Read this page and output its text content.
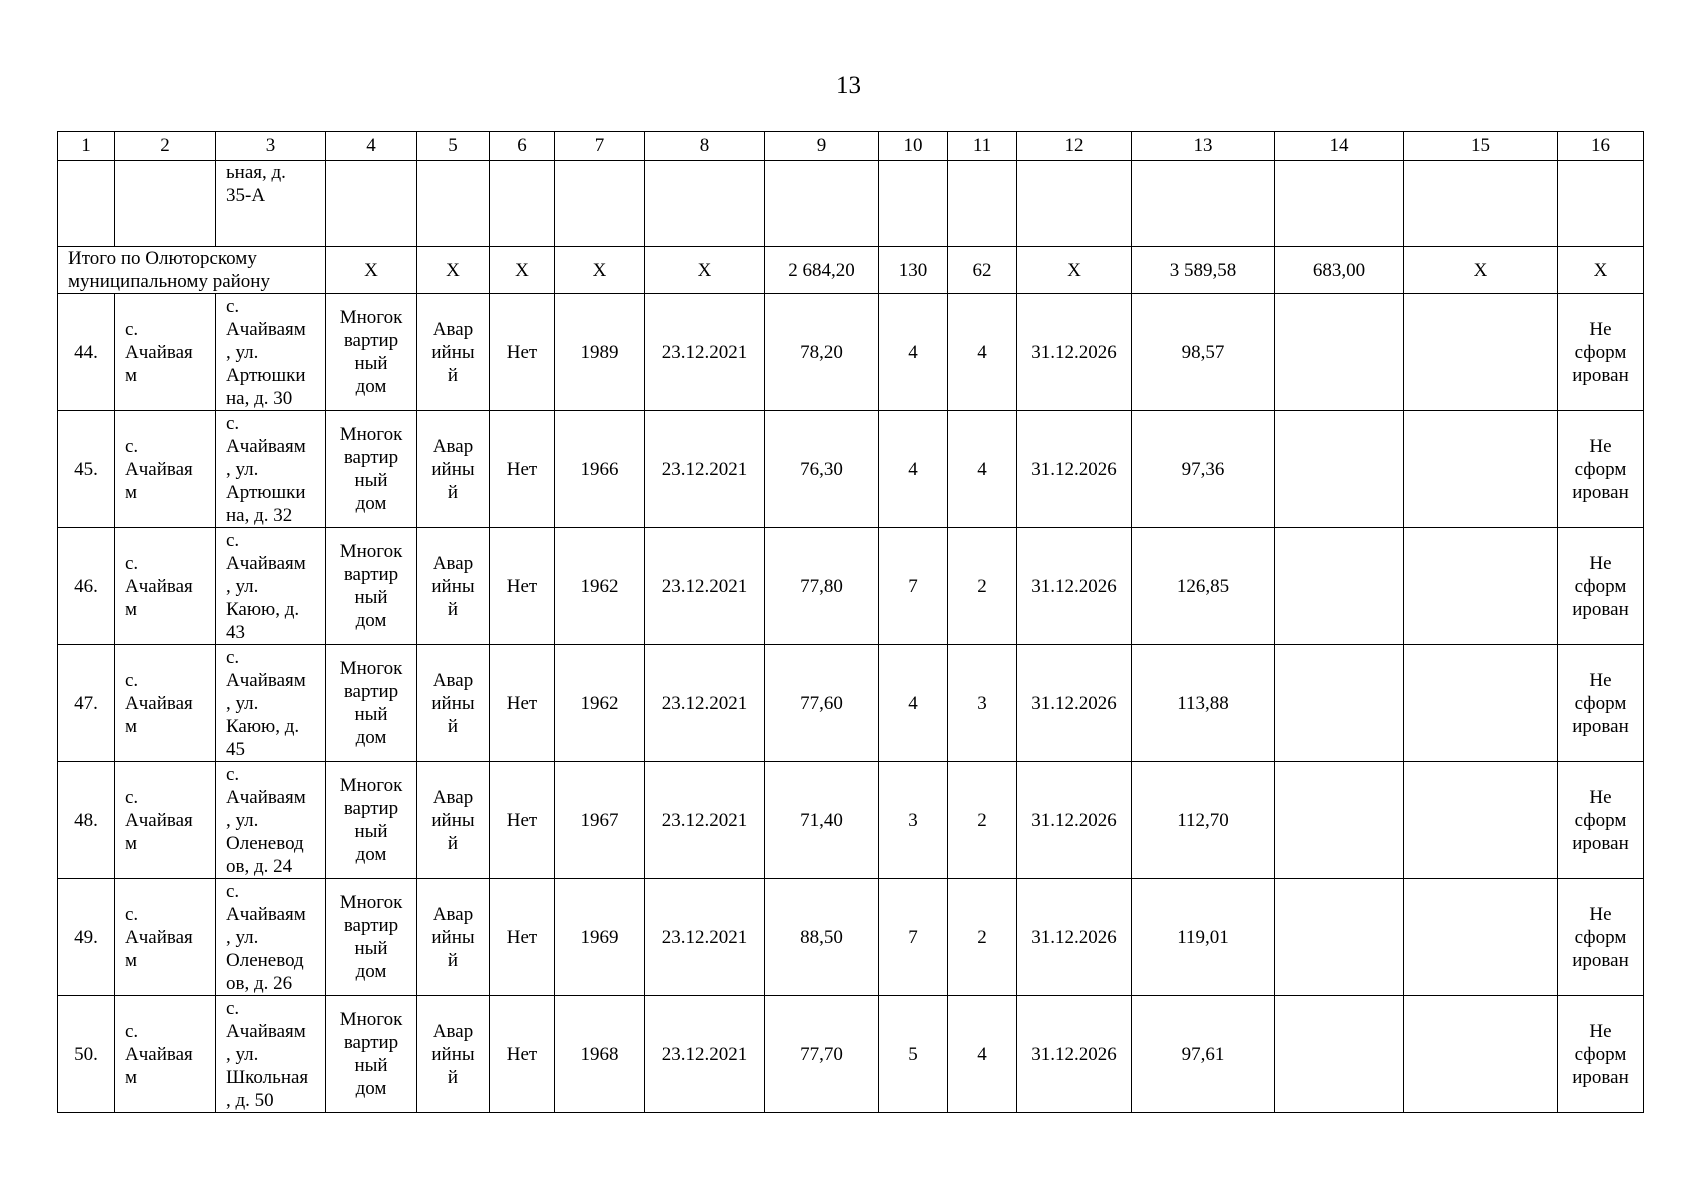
13
1	2	3	4	5	6	7	8	9	10	11	12	13	14	15	16
		ьная, д.
35-А													
Итого по Олюторскому
муниципальному району			Х	Х	Х	Х	Х	2 684,20	130	62	Х	3 589,58	683,00	Х	Х
44.	с.
Ачайвая
м	с.
Ачайваям
, ул.
Артюшки
на, д. 30	Многок
вартир
ный
дом	Авар
ийны
й	Нет	1989	23.12.2021	78,20	4	4	31.12.2026	98,57			Не
сформ
ирован
45.	с.
Ачайвая
м	с.
Ачайваям
, ул.
Артюшки
на, д. 32	Многок
вартир
ный
дом	Авар
ийны
й	Нет	1966	23.12.2021	76,30	4	4	31.12.2026	97,36			Не
сформ
ирован
46.	с.
Ачайвая
м	с.
Ачайваям
, ул.
Каюю, д.
43	Многок
вартир
ный
дом	Авар
ийны
й	Нет	1962	23.12.2021	77,80	7	2	31.12.2026	126,85			Не
сформ
ирован
47.	с.
Ачайвая
м	с.
Ачайваям
, ул.
Каюю, д.
45	Многок
вартир
ный
дом	Авар
ийны
й	Нет	1962	23.12.2021	77,60	4	3	31.12.2026	113,88			Не
сформ
ирован
48.	с.
Ачайвая
м	с.
Ачайваям
, ул.
Оленевод
ов, д. 24	Многок
вартир
ный
дом	Авар
ийны
й	Нет	1967	23.12.2021	71,40	3	2	31.12.2026	112,70			Не
сформ
ирован
49.	с.
Ачайвая
м	с.
Ачайваям
, ул.
Оленевод
ов, д. 26	Многок
вартир
ный
дом	Авар
ийны
й	Нет	1969	23.12.2021	88,50	7	2	31.12.2026	119,01			Не
сформ
ирован
50.	с.
Ачайвая
м	с.
Ачайваям
, ул.
Школьная
, д. 50	Многок
вартир
ный
дом	Авар
ийны
й	Нет	1968	23.12.2021	77,70	5	4	31.12.2026	97,61			Не
сформ
ирован
